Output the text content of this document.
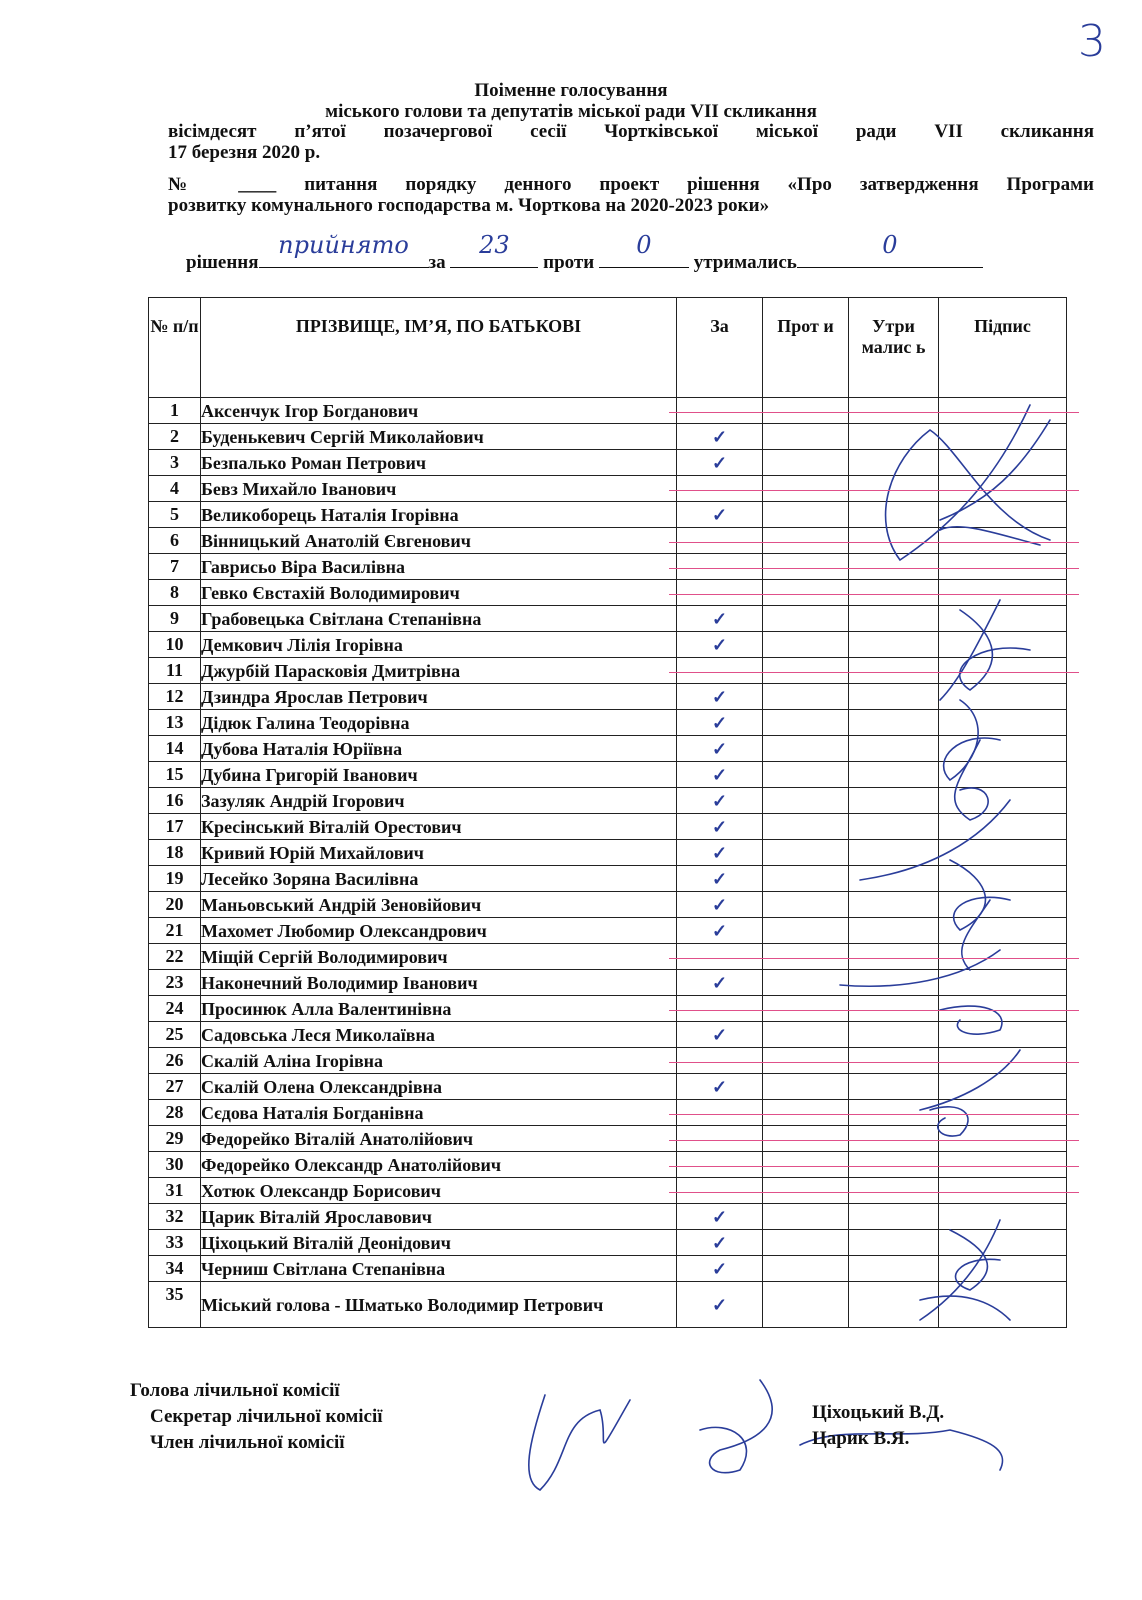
3
Поіменне голосування
міського голови та депутатів міської ради VII скликання
вісімдесят п’ятої позачергової сесії Чортківської міської ради VII скликання
17 березня 2020 р.
№ ____ питання порядку денного проект рішення «Про затвердження Програми
розвитку комунального господарства м. Чорткова на 2020-2023 роки»
рішення
прийнято
за
23
проти
0
утримались
0
№ п/п	ПРІЗВИЩЕ, ІМ’Я, ПО БАТЬКОВІ	За	Прот и	Утри малис ь	Підпис
1	Аксенчук Ігор Богданович				
2	Буденькевич Сергій Миколайович	✓			
3	Безпалько Роман Петрович	✓			
4	Бевз Михайло Іванович				
5	Великоборець Наталія Ігорівна	✓			
6	Вінницький Анатолій Євгенович				
7	Гаврисьо Віра Василівна				
8	Гевко Євстахій Володимирович				
9	Грабовецька Світлана Степанівна	✓			
10	Демкович Лілія Ігорівна	✓			
11	Джурбій Парасковія Дмитрівна				
12	Дзиндра Ярослав Петрович	✓			
13	Дідюк Галина Теодорівна	✓			
14	Дубова Наталія Юріївна	✓			
15	Дубина Григорій Іванович	✓			
16	Зазуляк Андрій Ігорович	✓			
17	Кресінський Віталій Орестович	✓			
18	Кривий Юрій Михайлович	✓			
19	Лесейко Зоряна Василівна	✓			
20	Маньовський Андрій Зеновійович	✓			
21	Махомет Любомир Олександрович	✓			
22	Міщій Сергій Володимирович				
23	Наконечний Володимир Іванович	✓			
24	Просинюк Алла Валентинівна				
25	Садовська Леся Миколаївна	✓			
26	Скалій Аліна Ігорівна				
27	Скалій Олена Олександрівна	✓			
28	Сєдова Наталія Богданівна				
29	Федорейко Віталій Анатолійович				
30	Федорейко Олександр Анатолійович				
31	Хотюк Олександр Борисович				
32	Царик Віталій Ярославович	✓			
33	Ціхоцький Віталій Деонідович	✓			
34	Черниш Світлана Степанівна	✓			
35	Міський голова - Шматько Володимир Петрович	✓			
Голова лічильної комісії
Секретар лічильної комісії
Член лічильної комісії
Ціхоцький В.Д.
Царик В.Я.
